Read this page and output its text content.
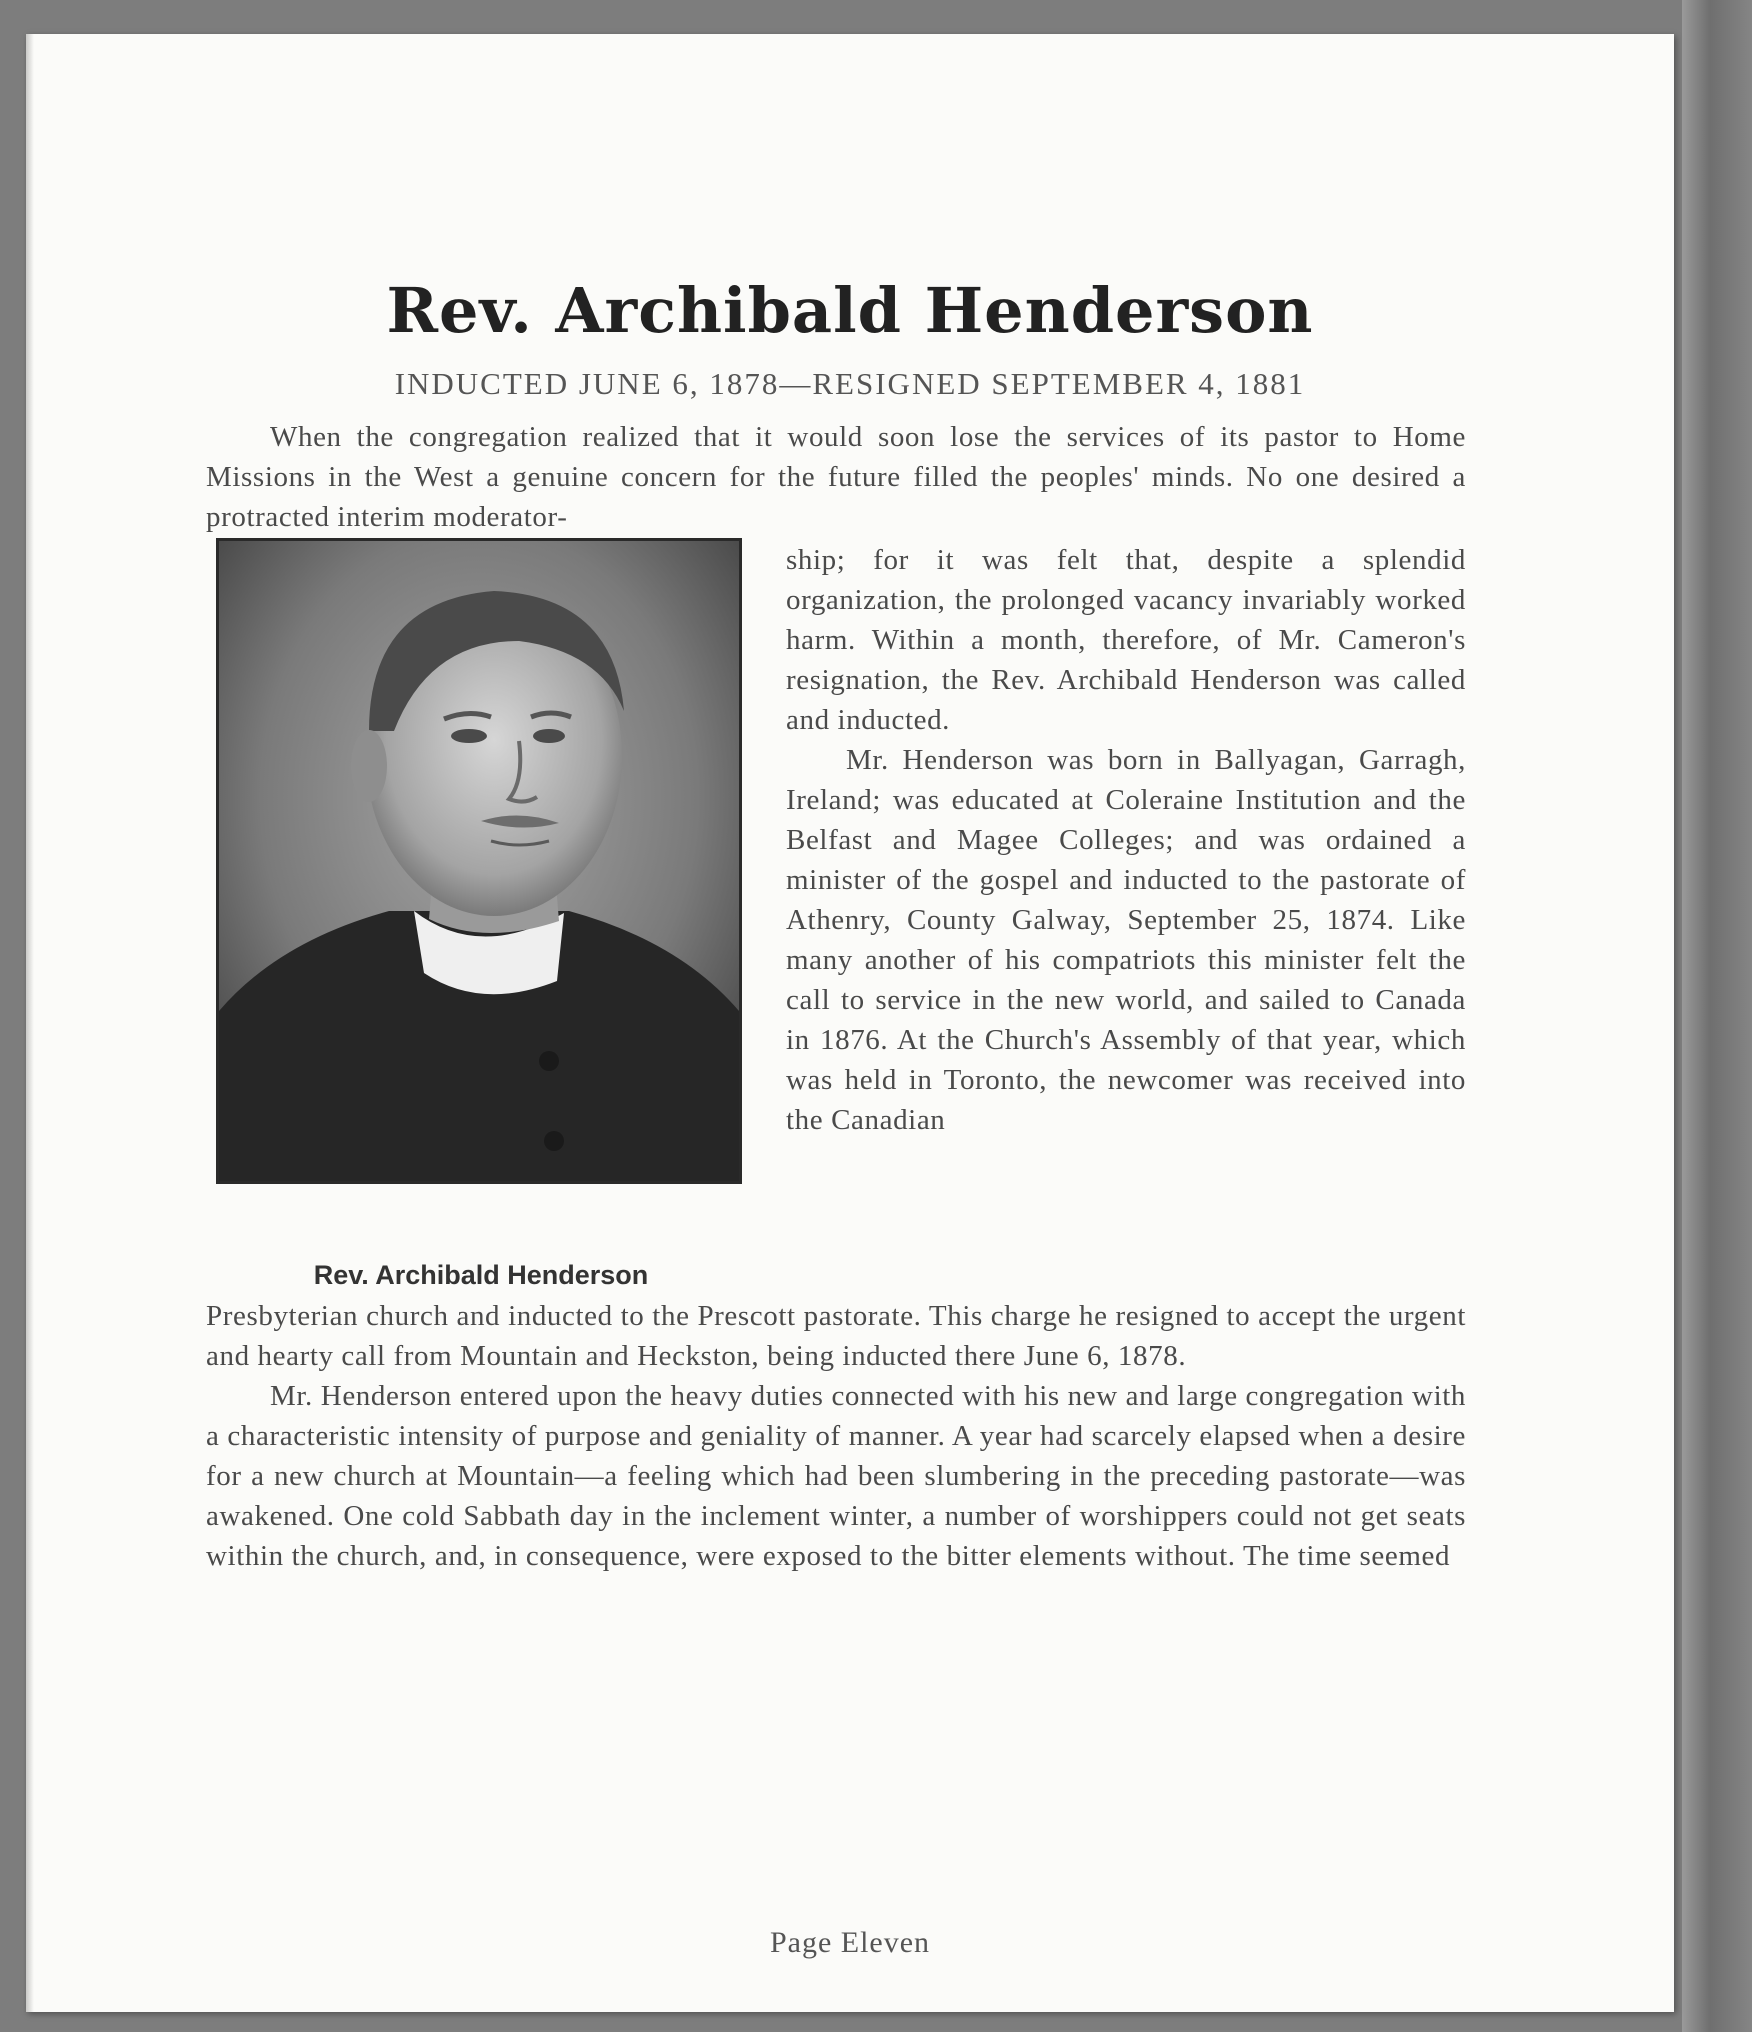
Rev. Archibald Henderson
INDUCTED JUNE 6, 1878—RESIGNED SEPTEMBER 4, 1881

When the congregation realized that it would soon lose the services of its pastor to Home Missions in the West a genuine concern for the future filled the peoples' minds. No one desired a protracted interim moderator-

ship; for it was felt that, despite a splendid organization, the prolonged vacancy invariably worked harm. Within a month, therefore, of Mr. Cameron's resignation, the Rev. Archibald Henderson was called and inducted.

Mr. Henderson was born in Ballyagan, Garragh, Ireland; was educated at Coleraine Institution and the Belfast and Magee Colleges; and was ordained a minister of the gospel and inducted to the pastorate of Athenry, County Galway, September 25, 1874. Like many another of his compatriots this minister felt the call to service in the new world, and sailed to Canada in 1876. At the Church's Assembly of that year, which was held in Toronto, the newcomer was received into the Canadian

Rev. Archibald Henderson

Presbyterian church and inducted to the Prescott pastorate. This charge he resigned to accept the urgent and hearty call from Mountain and Heckston, being inducted there June 6, 1878.

Mr. Henderson entered upon the heavy duties connected with his new and large congregation with a characteristic intensity of purpose and geniality of manner. A year had scarcely elapsed when a desire for a new church at Mountain—a feeling which had been slumbering in the preceding pastorate—was awakened. One cold Sabbath day in the inclement winter, a number of worshippers could not get seats within the church, and, in consequence, were exposed to the bitter elements without. The time seemed

Page Eleven
